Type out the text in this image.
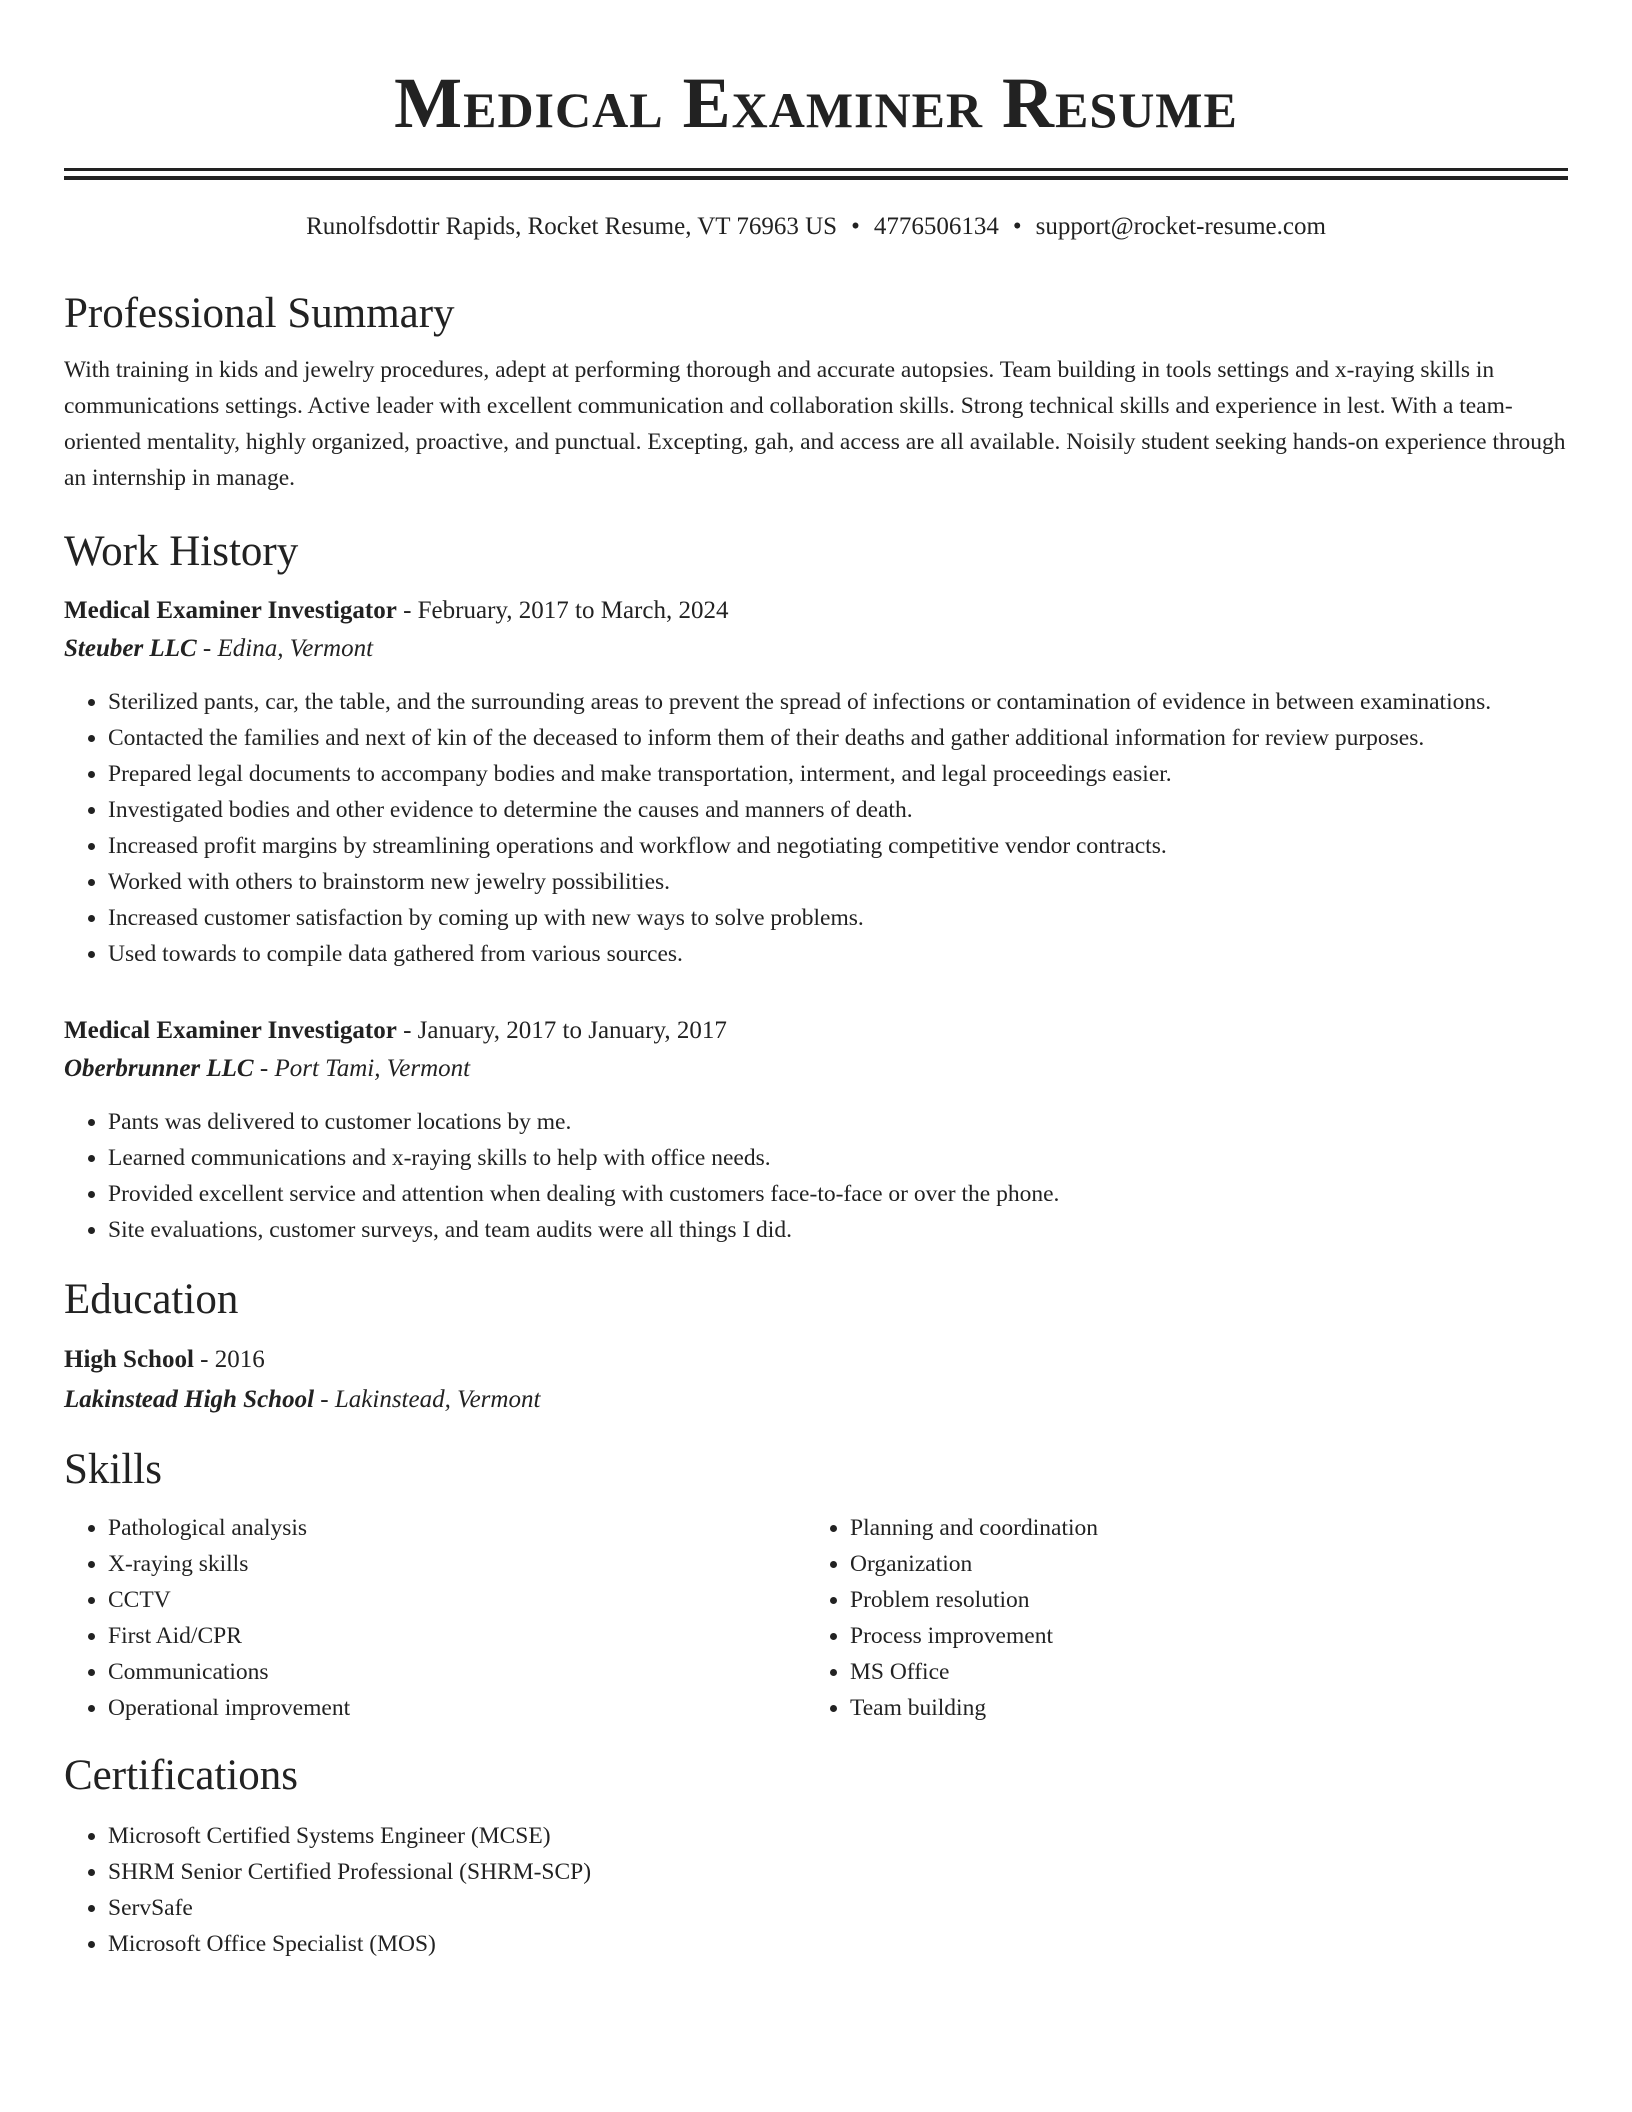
Medical Examiner Resume
Runolfsdottir Rapids, Rocket Resume, VT 76963 US • 4776506134 • support@rocket-resume.com
Professional Summary

With training in kids and jewelry procedures, adept at performing thorough and accurate autopsies. Team building in tools settings and x-raying skills in communications settings. Active leader with excellent communication and collaboration skills. Strong technical skills and experience in lest. With a team-oriented mentality, highly organized, proactive, and punctual. Excepting, gah, and access are all available. Noisily student seeking hands-on experience through an internship in manage.

Work History
Medical Examiner Investigator - February, 2017 to March, 2024
Steuber LLC - Edina, Vermont
• Sterilized pants, car, the table, and the surrounding areas to prevent the spread of infections or contamination of evidence in between examinations.
• Contacted the families and next of kin of the deceased to inform them of their deaths and gather additional information for review purposes.
• Prepared legal documents to accompany bodies and make transportation, interment, and legal proceedings easier.
• Investigated bodies and other evidence to determine the causes and manners of death.
• Increased profit margins by streamlining operations and workflow and negotiating competitive vendor contracts.
• Worked with others to brainstorm new jewelry possibilities.
• Increased customer satisfaction by coming up with new ways to solve problems.
• Used towards to compile data gathered from various sources.
Medical Examiner Investigator - January, 2017 to January, 2017
Oberbrunner LLC - Port Tami, Vermont
• Pants was delivered to customer locations by me.
• Learned communications and x-raying skills to help with office needs.
• Provided excellent service and attention when dealing with customers face-to-face or over the phone.
• Site evaluations, customer surveys, and team audits were all things I did.
Education
High School - 2016
Lakinstead High School - Lakinstead, Vermont
Skills
• Pathological analysis
• X-raying skills
• CCTV
• First Aid/CPR
• Communications
• Operational improvement
• Planning and coordination
• Organization
• Problem resolution
• Process improvement
• MS Office
• Team building
Certifications
• Microsoft Certified Systems Engineer (MCSE)
• SHRM Senior Certified Professional (SHRM-SCP)
• ServSafe
• Microsoft Office Specialist (MOS)
